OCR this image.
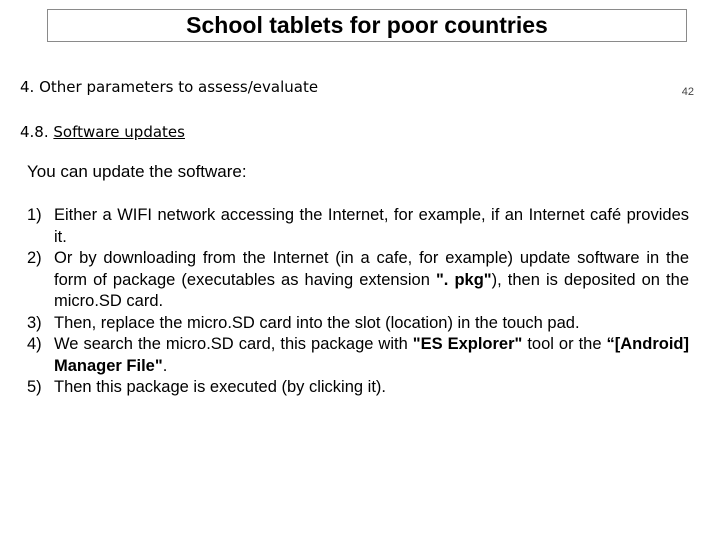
School tablets for poor countries
4. Other parameters to assess/evaluate	42
4.8. Software updates
You can update the software:
1) Either a WIFI network accessing the Internet, for example, if an Internet café provides it.
2) Or by downloading from the Internet (in a cafe, for example) update software in the form of package (executables as having extension ". pkg"), then is deposited on the micro.SD card.
3) Then, replace the micro.SD card into the slot (location) in the touch pad.
4) We search the micro.SD card, this package with "ES Explorer" tool or the “[Android] Manager File".
5) Then this package is executed (by clicking it).
